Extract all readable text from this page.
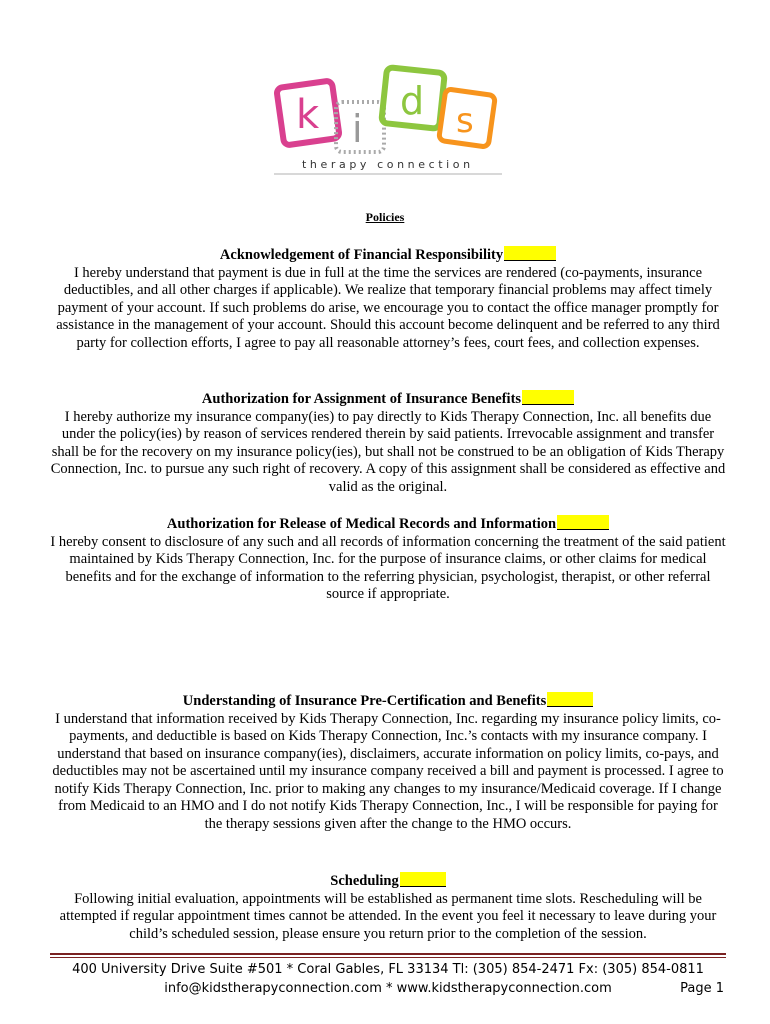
k i
d s
therapy connection
Policies
Acknowledgement of Financial Responsibility

I hereby understand that payment is due in full at the time the services are rendered (co-payments, insurance deductibles, and all other charges if applicable). We realize that temporary financial problems may affect timely payment of your account. If such problems do arise, we encourage you to contact the office manager promptly for assistance in the management of your account. Should this account become delinquent and be referred to any third party for collection efforts, I agree to pay all reasonable attorney’s fees, court fees, and collection expenses.

Authorization for Assignment of Insurance Benefits

I hereby authorize my insurance company(ies) to pay directly to Kids Therapy Connection, Inc. all benefits due under the policy(ies) by reason of services rendered therein by said patients. Irrevocable assignment and transfer shall be for the recovery on my insurance policy(ies), but shall not be construed to be an obligation of Kids Therapy Connection, Inc. to pursue any such right of recovery. A copy of this assignment shall be considered as effective and valid as the original.

Authorization for Release of Medical Records and Information

I hereby consent to disclosure of any such and all records of information concerning the treatment of the said patient maintained by Kids Therapy Connection, Inc. for the purpose of insurance claims, or other claims for medical benefits and for the exchange of information to the referring physician, psychologist, therapist, or other referral source if appropriate.

Understanding of Insurance Pre-Certification and Benefits

I understand that information received by Kids Therapy Connection, Inc. regarding my insurance policy limits, co-payments, and deductible is based on Kids Therapy Connection, Inc.’s contacts with my insurance company. I understand that based on insurance company(ies), disclaimers, accurate information on policy limits, co-pays, and deductibles may not be ascertained until my insurance company received a bill and payment is processed. I agree to notify Kids Therapy Connection, Inc. prior to making any changes to my insurance/Medicaid coverage. If I change from Medicaid to an HMO and I do not notify Kids Therapy Connection, Inc., I will be responsible for paying for the therapy sessions given after the change to the HMO occurs.

Scheduling

Following initial evaluation, appointments will be established as permanent time slots. Rescheduling will be attempted if regular appointment times cannot be attended. In the event you feel it necessary to leave during your child’s scheduled session, please ensure you return prior to the completion of the session.

400 University Drive Suite #501 * Coral Gables, FL 33134 Tl: (305) 854-2471 Fx: (305) 854-0811
info@kidstherapyconnection.com * www.kidstherapyconnection.com	Page 1
